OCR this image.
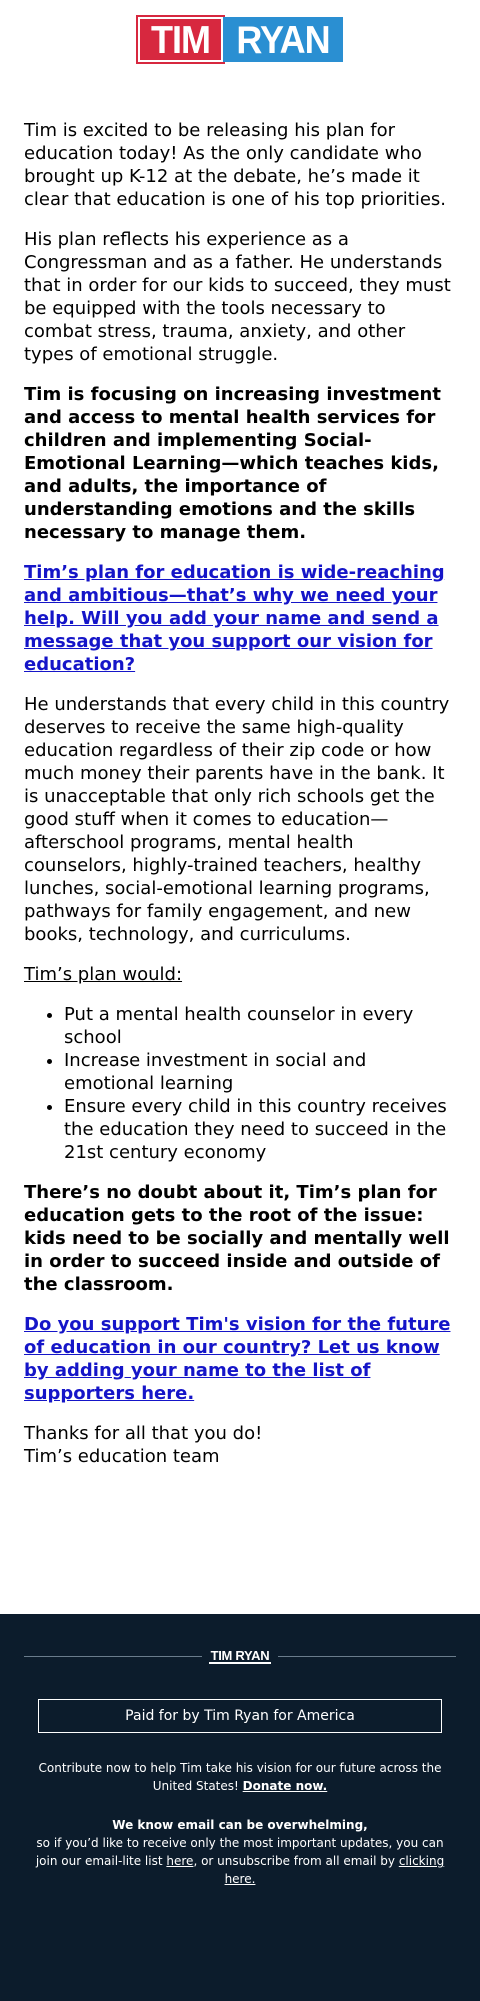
TIM RYAN

Tim is excited to be releasing his plan for education today! As the only candidate who brought up K-12 at the debate, he’s made it clear that education is one of his top priorities.

His plan reflects his experience as a Congressman and as a father. He understands that in order for our kids to succeed, they must be equipped with the tools necessary to combat stress, trauma, anxiety, and other types of emotional struggle.

Tim is focusing on increasing investment and access to mental health services for children and implementing Social-Emotional Learning—which teaches kids, and adults, the importance of understanding emotions and the skills necessary to manage them.

Tim’s plan for education is wide-reaching and ambitious—that’s why we need your help. Will you add your name and send a message that you support our vision for education?

He understands that every child in this country deserves to receive the same high-quality education regardless of their zip code or how much money their parents have in the bank. It is unacceptable that only rich schools get the good stuff when it comes to education—afterschool programs, mental health counselors, highly-trained teachers, healthy lunches, social-emotional learning programs, pathways for family engagement, and new books, technology, and curriculums.

Tim’s plan would:

• Put a mental health counselor in every school
• Increase investment in social and emotional learning
• Ensure every child in this country receives the education they need to succeed in the 21st century economy

There’s no doubt about it, Tim’s plan for education gets to the root of the issue: kids need to be socially and mentally well in order to succeed inside and outside of the classroom.

Do you support Tim's vision for the future of education in our country? Let us know by adding your name to the list of supporters here.

Thanks for all that you do!
Tim’s education team

TIM RYAN
Paid for by Tim Ryan for America
Contribute now to help Tim take his vision for our future across the United States! Donate now.
We know email can be overwhelming,
so if you’d like to receive only the most important updates, you can join our email-lite list here, or unsubscribe from all email by clicking here.
